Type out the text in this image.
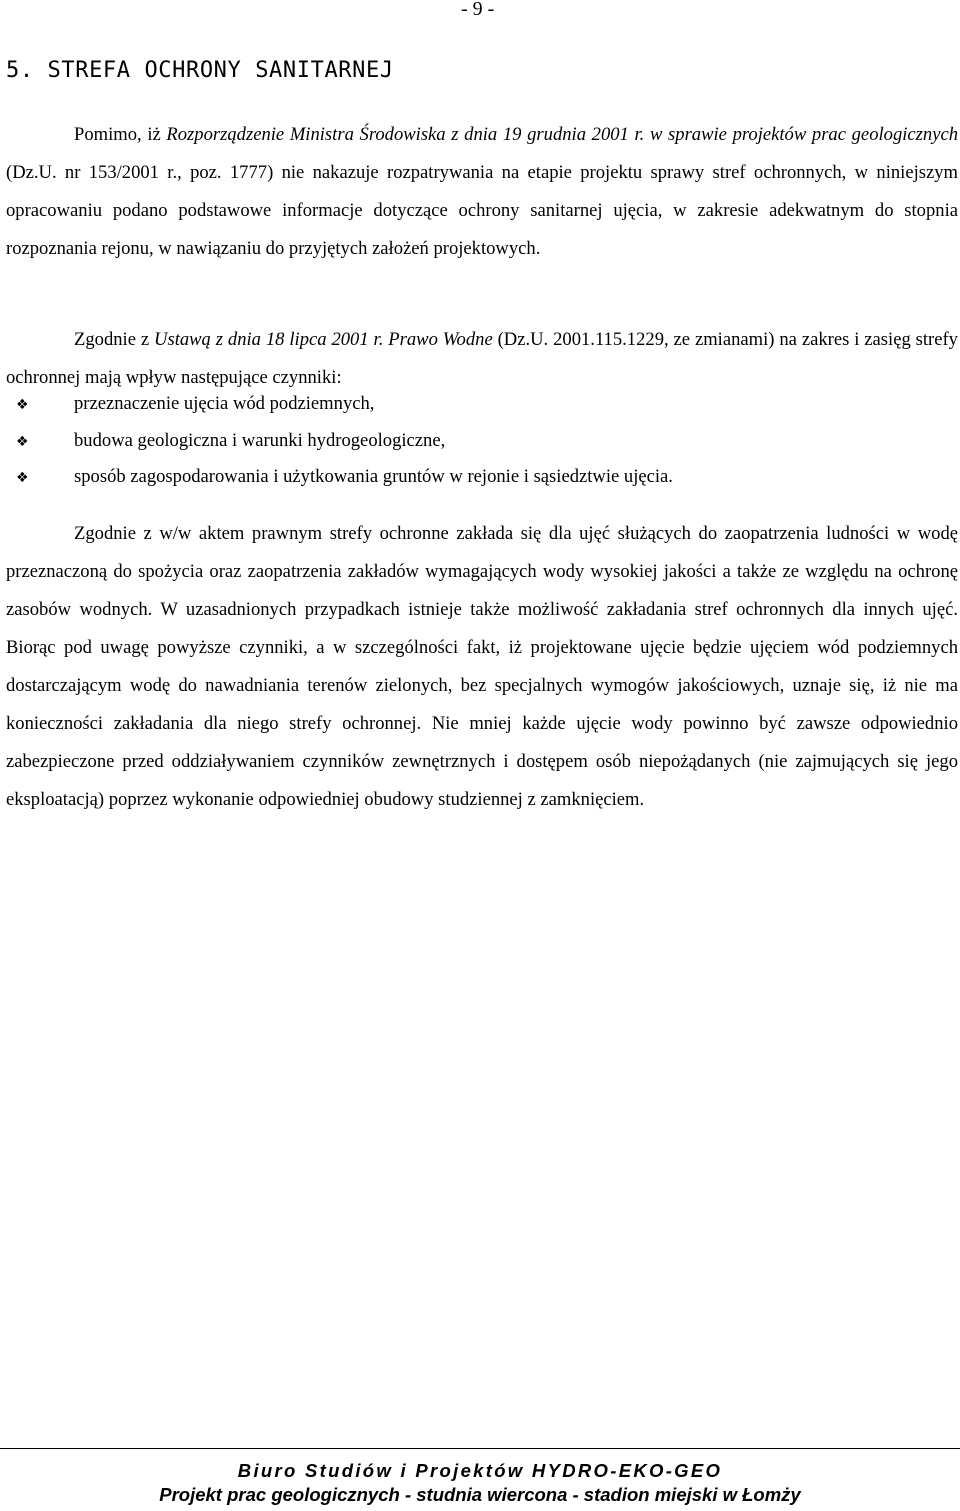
- 9 -
5. STREFA OCHRONY SANITARNEJ

Pomimo, iż Rozporządzenie Ministra Środowiska z dnia 19 grudnia 2001 r. w sprawie projektów prac geologicznych (Dz.U. nr 153/2001 r., poz. 1777) nie nakazuje rozpatrywania na etapie projektu sprawy stref ochronnych, w niniejszym opracowaniu podano podstawowe informacje dotyczące ochrony sanitarnej ujęcia, w zakresie adekwatnym do stopnia rozpoznania rejonu, w nawiązaniu do przyjętych założeń projektowych.

Zgodnie z Ustawą z dnia 18 lipca 2001 r. Prawo Wodne (Dz.U. 2001.115.1229, ze zmianami) na zakres i zasięg strefy ochronnej mają wpływ następujące czynniki:

❖	przeznaczenie ujęcia wód podziemnych,
❖	budowa geologiczna i warunki hydrogeologiczne,
❖	sposób zagospodarowania i użytkowania gruntów w rejonie i sąsiedztwie ujęcia.

Zgodnie z w/w aktem prawnym strefy ochronne zakłada się dla ujęć służących do zaopatrzenia ludności w wodę przeznaczoną do spożycia oraz zaopatrzenia zakładów wymagających wody wysokiej jakości a także ze względu na ochronę zasobów wodnych. W uzasadnionych przypadkach istnieje także możliwość zakładania stref ochronnych dla innych ujęć. Biorąc pod uwagę powyższe czynniki, a w szczególności fakt, iż projektowane ujęcie będzie ujęciem wód podziemnych dostarczającym wodę do nawadniania terenów zielonych, bez specjalnych wymogów jakościowych, uznaje się, iż nie ma konieczności zakładania dla niego strefy ochronnej. Nie mniej każde ujęcie wody powinno być zawsze odpowiednio zabezpieczone przed oddziaływaniem czynników zewnętrznych i dostępem osób niepożądanych (nie zajmujących się jego eksploatacją) poprzez wykonanie odpowiedniej obudowy studziennej z zamknięciem.

Biuro Studiów i Projektów HYDRO-EKO-GEO
Projekt prac geologicznych - studnia wiercona - stadion miejski w Łomży
